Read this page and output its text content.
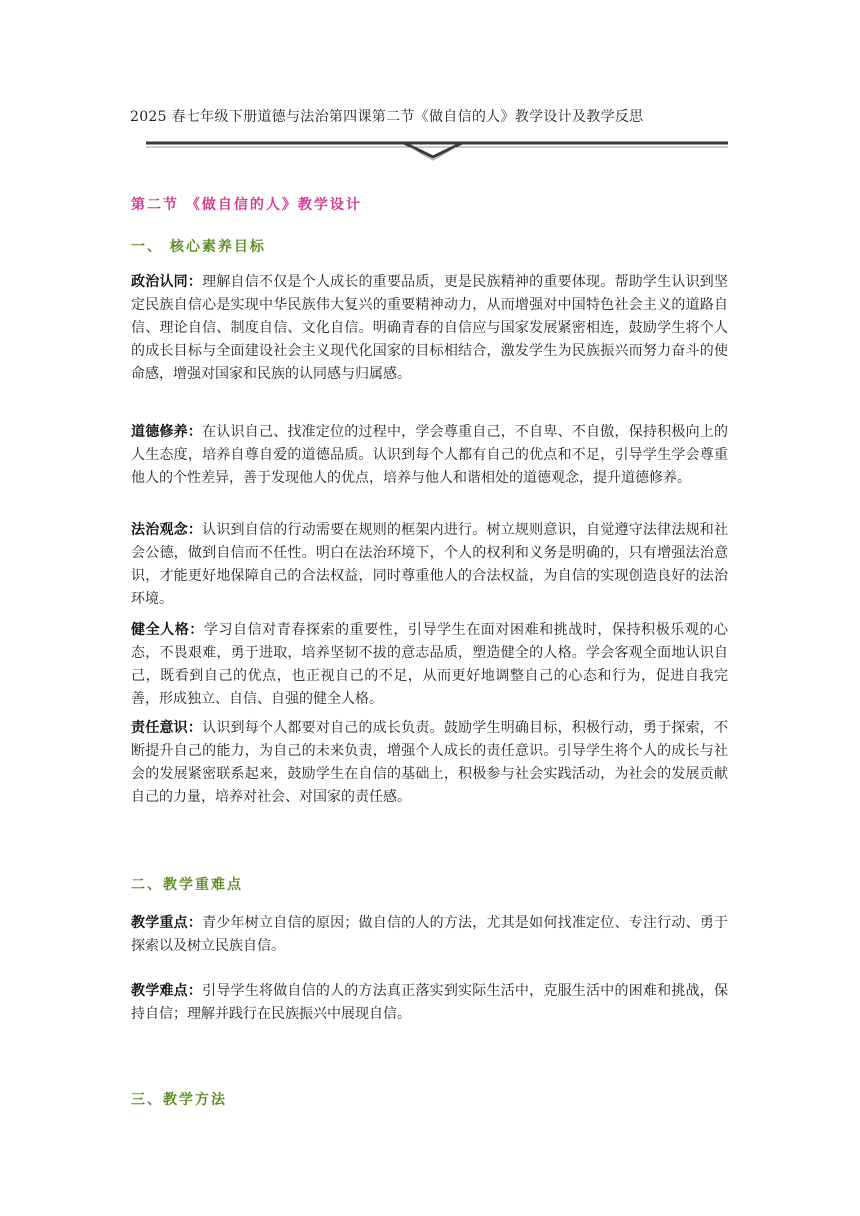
2025 春七年级下册道德与法治第四课第二节《做自信的人》教学设计及教学反思
第二节 《做自信的人》教学设计
一、 核心素养目标
政治认同：理解自信不仅是个人成长的重要品质，更是民族精神的重要体现。帮助学生认识到坚定民族自信心是实现中华民族伟大复兴的重要精神动力，从而增强对中国特色社会主义的道路自信、理论自信、制度自信、文化自信。明确青春的自信应与国家发展紧密相连，鼓励学生将个人的成长目标与全面建设社会主义现代化国家的目标相结合，激发学生为民族振兴而努力奋斗的使命感，增强对国家和民族的认同感与归属感。
道德修养：在认识自己、找准定位的过程中，学会尊重自己，不自卑、不自傲，保持积极向上的人生态度，培养自尊自爱的道德品质。认识到每个人都有自己的优点和不足，引导学生学会尊重他人的个性差异，善于发现他人的优点，培养与他人和谐相处的道德观念，提升道德修养。
法治观念：认识到自信的行动需要在规则的框架内进行。树立规则意识，自觉遵守法律法规和社会公德，做到自信而不任性。明白在法治环境下，个人的权利和义务是明确的，只有增强法治意识，才能更好地保障自己的合法权益，同时尊重他人的合法权益，为自信的实现创造良好的法治环境。
健全人格：学习自信对青春探索的重要性，引导学生在面对困难和挑战时，保持积极乐观的心态，不畏艰难，勇于进取，培养坚韧不拔的意志品质，塑造健全的人格。学会客观全面地认识自己，既看到自己的优点，也正视自己的不足，从而更好地调整自己的心态和行为，促进自我完善，形成独立、自信、自强的健全人格。
责任意识：认识到每个人都要对自己的成长负责。鼓励学生明确目标，积极行动，勇于探索，不断提升自己的能力，为自己的未来负责，增强个人成长的责任意识。引导学生将个人的成长与社会的发展紧密联系起来，鼓励学生在自信的基础上，积极参与社会实践活动，为社会的发展贡献自己的力量，培养对社会、对国家的责任感。
二、教学重难点
教学重点：青少年树立自信的原因；做自信的人的方法，尤其是如何找准定位、专注行动、勇于探索以及树立民族自信。
教学难点：引导学生将做自信的人的方法真正落实到实际生活中，克服生活中的困难和挑战，保持自信；理解并践行在民族振兴中展现自信。
三、教学方法
